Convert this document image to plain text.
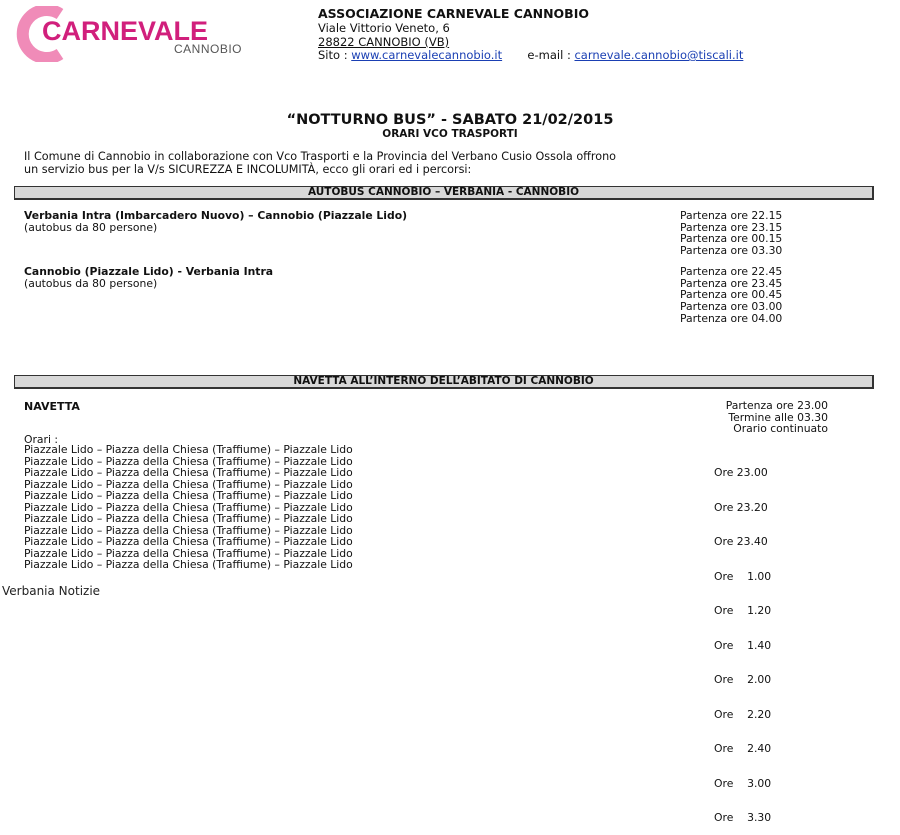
CARNEVALE
CANNOBIO
ASSOCIAZIONE CARNEVALE CANNOBIO
Viale Vittorio Veneto, 6
28822 CANNOBIO (VB)
Sito : www.carnevalecannobio.it e-mail : carnevale.cannobio@tiscali.it
“NOTTURNO BUS” - SABATO 21/02/2015
ORARI VCO TRASPORTI
Il Comune di Cannobio in collaborazione con Vco Trasporti e la Provincia del Verbano Cusio Ossola offrono
un servizio bus per la V/s SICUREZZA E INCOLUMITÀ, ecco gli orari ed i percorsi:
AUTOBUS CANNOBIO – VERBANIA - CANNOBIO
Verbania Intra (Imbarcadero Nuovo) – Cannobio (Piazzale Lido)
(autobus da 80 persone)
Partenza ore 22.15
Partenza ore 23.15
Partenza ore 00.15
Partenza ore 03.30
Cannobio (Piazzale Lido) - Verbania Intra
(autobus da 80 persone)
Partenza ore 22.45
Partenza ore 23.45
Partenza ore 00.45
Partenza ore 03.00
Partenza ore 04.00
NAVETTA ALL’INTERNO DELL’ABITATO DI CANNOBIO
NAVETTA	Partenza ore 23.00
Termine alle 03.30
Orario continuato
Orari :
Piazzale Lido – Piazza della Chiesa (Traffiume) – Piazzale Lido
Piazzale Lido – Piazza della Chiesa (Traffiume) – Piazzale Lido
Piazzale Lido – Piazza della Chiesa (Traffiume) – Piazzale Lido
Piazzale Lido – Piazza della Chiesa (Traffiume) – Piazzale Lido
Piazzale Lido – Piazza della Chiesa (Traffiume) – Piazzale Lido
Piazzale Lido – Piazza della Chiesa (Traffiume) – Piazzale Lido
Piazzale Lido – Piazza della Chiesa (Traffiume) – Piazzale Lido
Piazzale Lido – Piazza della Chiesa (Traffiume) – Piazzale Lido
Piazzale Lido – Piazza della Chiesa (Traffiume) – Piazzale Lido
Piazzale Lido – Piazza della Chiesa (Traffiume) – Piazzale Lido
Piazzale Lido – Piazza della Chiesa (Traffiume) – Piazzale Lido

Ore 23.00

Ore 23.20

Ore 23.40

Ore    1.00

Ore    1.20

Ore    1.40

Ore    2.00

Ore    2.20

Ore    2.40

Ore    3.00

Ore    3.30

Verbania Notizie
